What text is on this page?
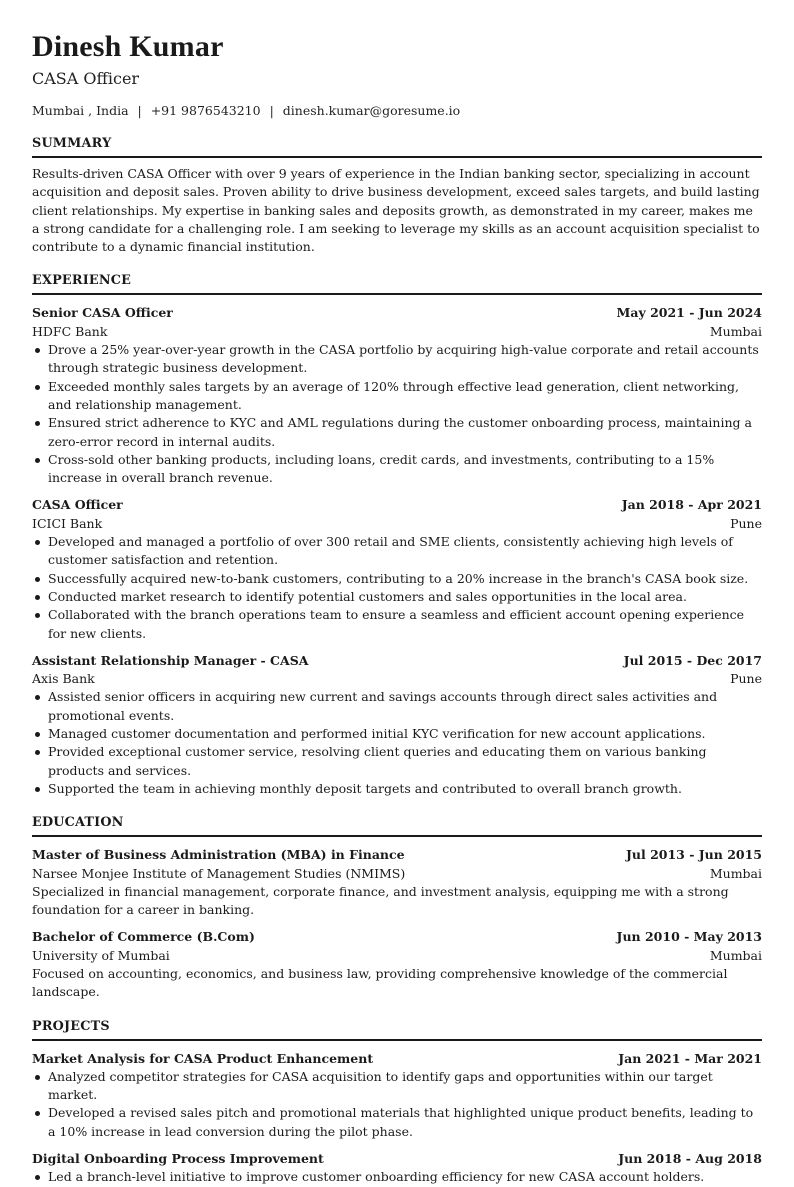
Dinesh Kumar
CASA Officer
Mumbai , India | +91 9876543210 | dinesh.kumar@goresume.io
SUMMARY
Results-driven CASA Officer with over 9 years of experience in the Indian banking sector, specializing in account acquisition and deposit sales. Proven ability to drive business development, exceed sales targets, and build lasting client relationships. My expertise in banking sales and deposits growth, as demonstrated in my career, makes me a strong candidate for a challenging role. I am seeking to leverage my skills as an account acquisition specialist to contribute to a dynamic financial institution.
EXPERIENCE
Senior CASA Officer	May 2021 - Jun 2024
HDFC Bank	Mumbai
Drove a 25% year-over-year growth in the CASA portfolio by acquiring high-value corporate and retail accounts through strategic business development.
Exceeded monthly sales targets by an average of 120% through effective lead generation, client networking, and relationship management.
Ensured strict adherence to KYC and AML regulations during the customer onboarding process, maintaining a zero-error record in internal audits.
Cross-sold other banking products, including loans, credit cards, and investments, contributing to a 15% increase in overall branch revenue.
CASA Officer	Jan 2018 - Apr 2021
ICICI Bank	Pune
Developed and managed a portfolio of over 300 retail and SME clients, consistently achieving high levels of customer satisfaction and retention.
Successfully acquired new-to-bank customers, contributing to a 20% increase in the branch's CASA book size.
Conducted market research to identify potential customers and sales opportunities in the local area.
Collaborated with the branch operations team to ensure a seamless and efficient account opening experience for new clients.
Assistant Relationship Manager - CASA	Jul 2015 - Dec 2017
Axis Bank	Pune
Assisted senior officers in acquiring new current and savings accounts through direct sales activities and promotional events.
Managed customer documentation and performed initial KYC verification for new account applications.
Provided exceptional customer service, resolving client queries and educating them on various banking products and services.
Supported the team in achieving monthly deposit targets and contributed to overall branch growth.
EDUCATION
Master of Business Administration (MBA) in Finance	Jul 2013 - Jun 2015
Narsee Monjee Institute of Management Studies (NMIMS)	Mumbai
Specialized in financial management, corporate finance, and investment analysis, equipping me with a strong foundation for a career in banking.
Bachelor of Commerce (B.Com)	Jun 2010 - May 2013
University of Mumbai	Mumbai
Focused on accounting, economics, and business law, providing comprehensive knowledge of the commercial landscape.
PROJECTS
Market Analysis for CASA Product Enhancement	Jan 2021 - Mar 2021
Analyzed competitor strategies for CASA acquisition to identify gaps and opportunities within our target market.
Developed a revised sales pitch and promotional materials that highlighted unique product benefits, leading to a 10% increase in lead conversion during the pilot phase.
Digital Onboarding Process Improvement	Jun 2018 - Aug 2018
Led a branch-level initiative to improve customer onboarding efficiency for new CASA account holders.
